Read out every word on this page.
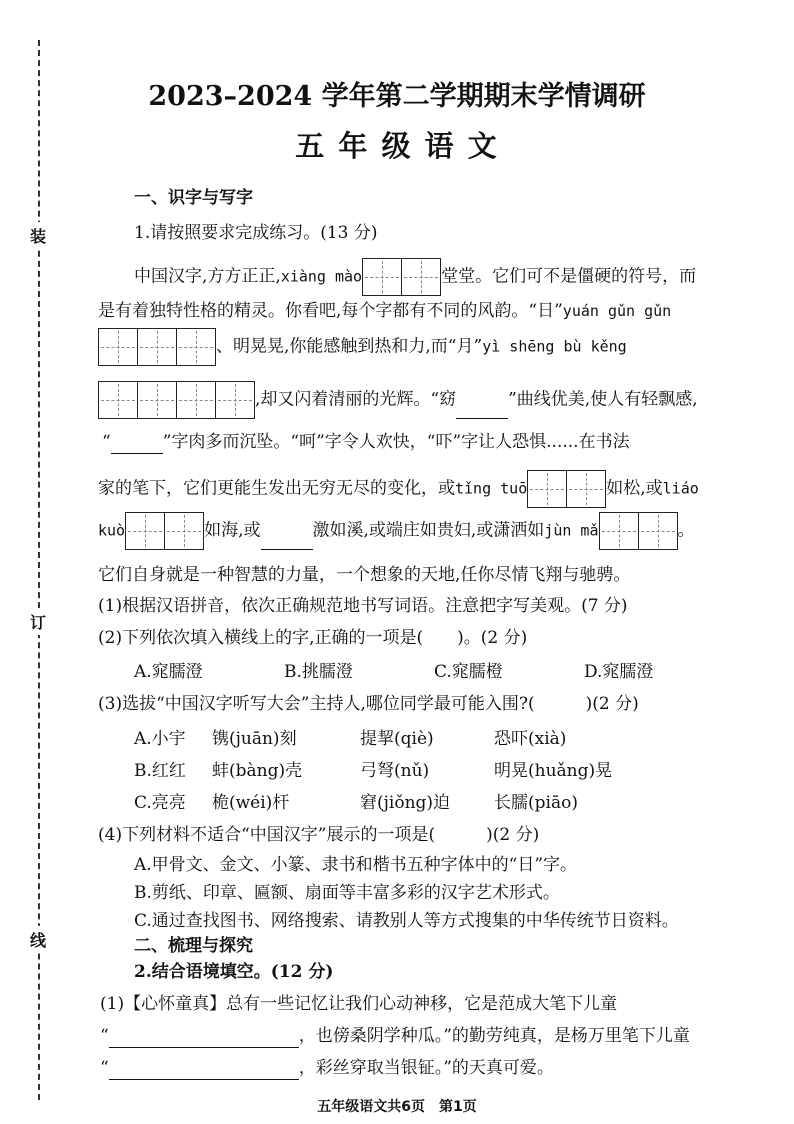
装
订
线
2023–2024 学年第二学期期末学情调研
五 年 级 语 文
一、识字与写字
1.请按照要求完成练习。(13 分)
中国汉字,方方正正,xiàng mào	堂堂。它们可不是僵硬的符号，而
是有着独特性格的精灵。你看吧,每个字都有不同的风韵。“日”yuán gǔn gǔn
、明晃晃,你能感触到热和力,而“月”yì shēng bù kěng
,却又闪着清丽的光辉。“窈	”曲线优美,使人有轻飘感,
“	”字肉多而沉坠。“呵”字令人欢快，“吓”字让人恐惧......在书法
家的笔下，它们更能生发出无穷无尽的变化，或tǐng tuō	如松,或liáo
kuò	如海,或	激如溪,或端庄如贵妇,或潇洒如jùn mǎ	。
它们自身就是一种智慧的力量，一个想象的天地,任你尽情飞翔与驰骋。
(1)根据汉语拼音，依次正确规范地书写词语。注意把字写美观。(7 分)
(2)下列依次填入横线上的字,正确的一项是(　　)。(2 分)
A.窕臑澄	B.挑臑澄	C.窕臑橙	D.窕臑澄
(3)选拔“中国汉字听写大会”主持人,哪位同学最可能入围?(　　　)(2 分)
A.小宇 镌(juān)刻	提挈(qiè)	恐吓(xià)
B.红红 蚌(bàng)壳	弓弩(nǔ)	明晃(huǎng)晃
C.亮亮 桅(wéi)杆	窘(jiǒng)迫	长臑(piāo)
(4)下列材料不适合“中国汉字”展示的一项是(　　　)(2 分)
A.甲骨文、金文、小篆、隶书和楷书五种字体中的“日”字。
B.剪纸、印章、匾额、扇面等丰富多彩的汉字艺术形式。
C.通过查找图书、网络搜索、请教别人等方式搜集的中华传统节日资料。
二、梳理与探究
2.结合语境填空。(12 分)
(1)【心怀童真】总有一些记忆让我们心动神移，它是范成大笔下儿童
“	，也傍桑阴学种瓜。”的勤劳纯真，是杨万里笔下儿童
“	，彩丝穿取当银钲。”的天真可爱。
五年级语文共6页　第1页
